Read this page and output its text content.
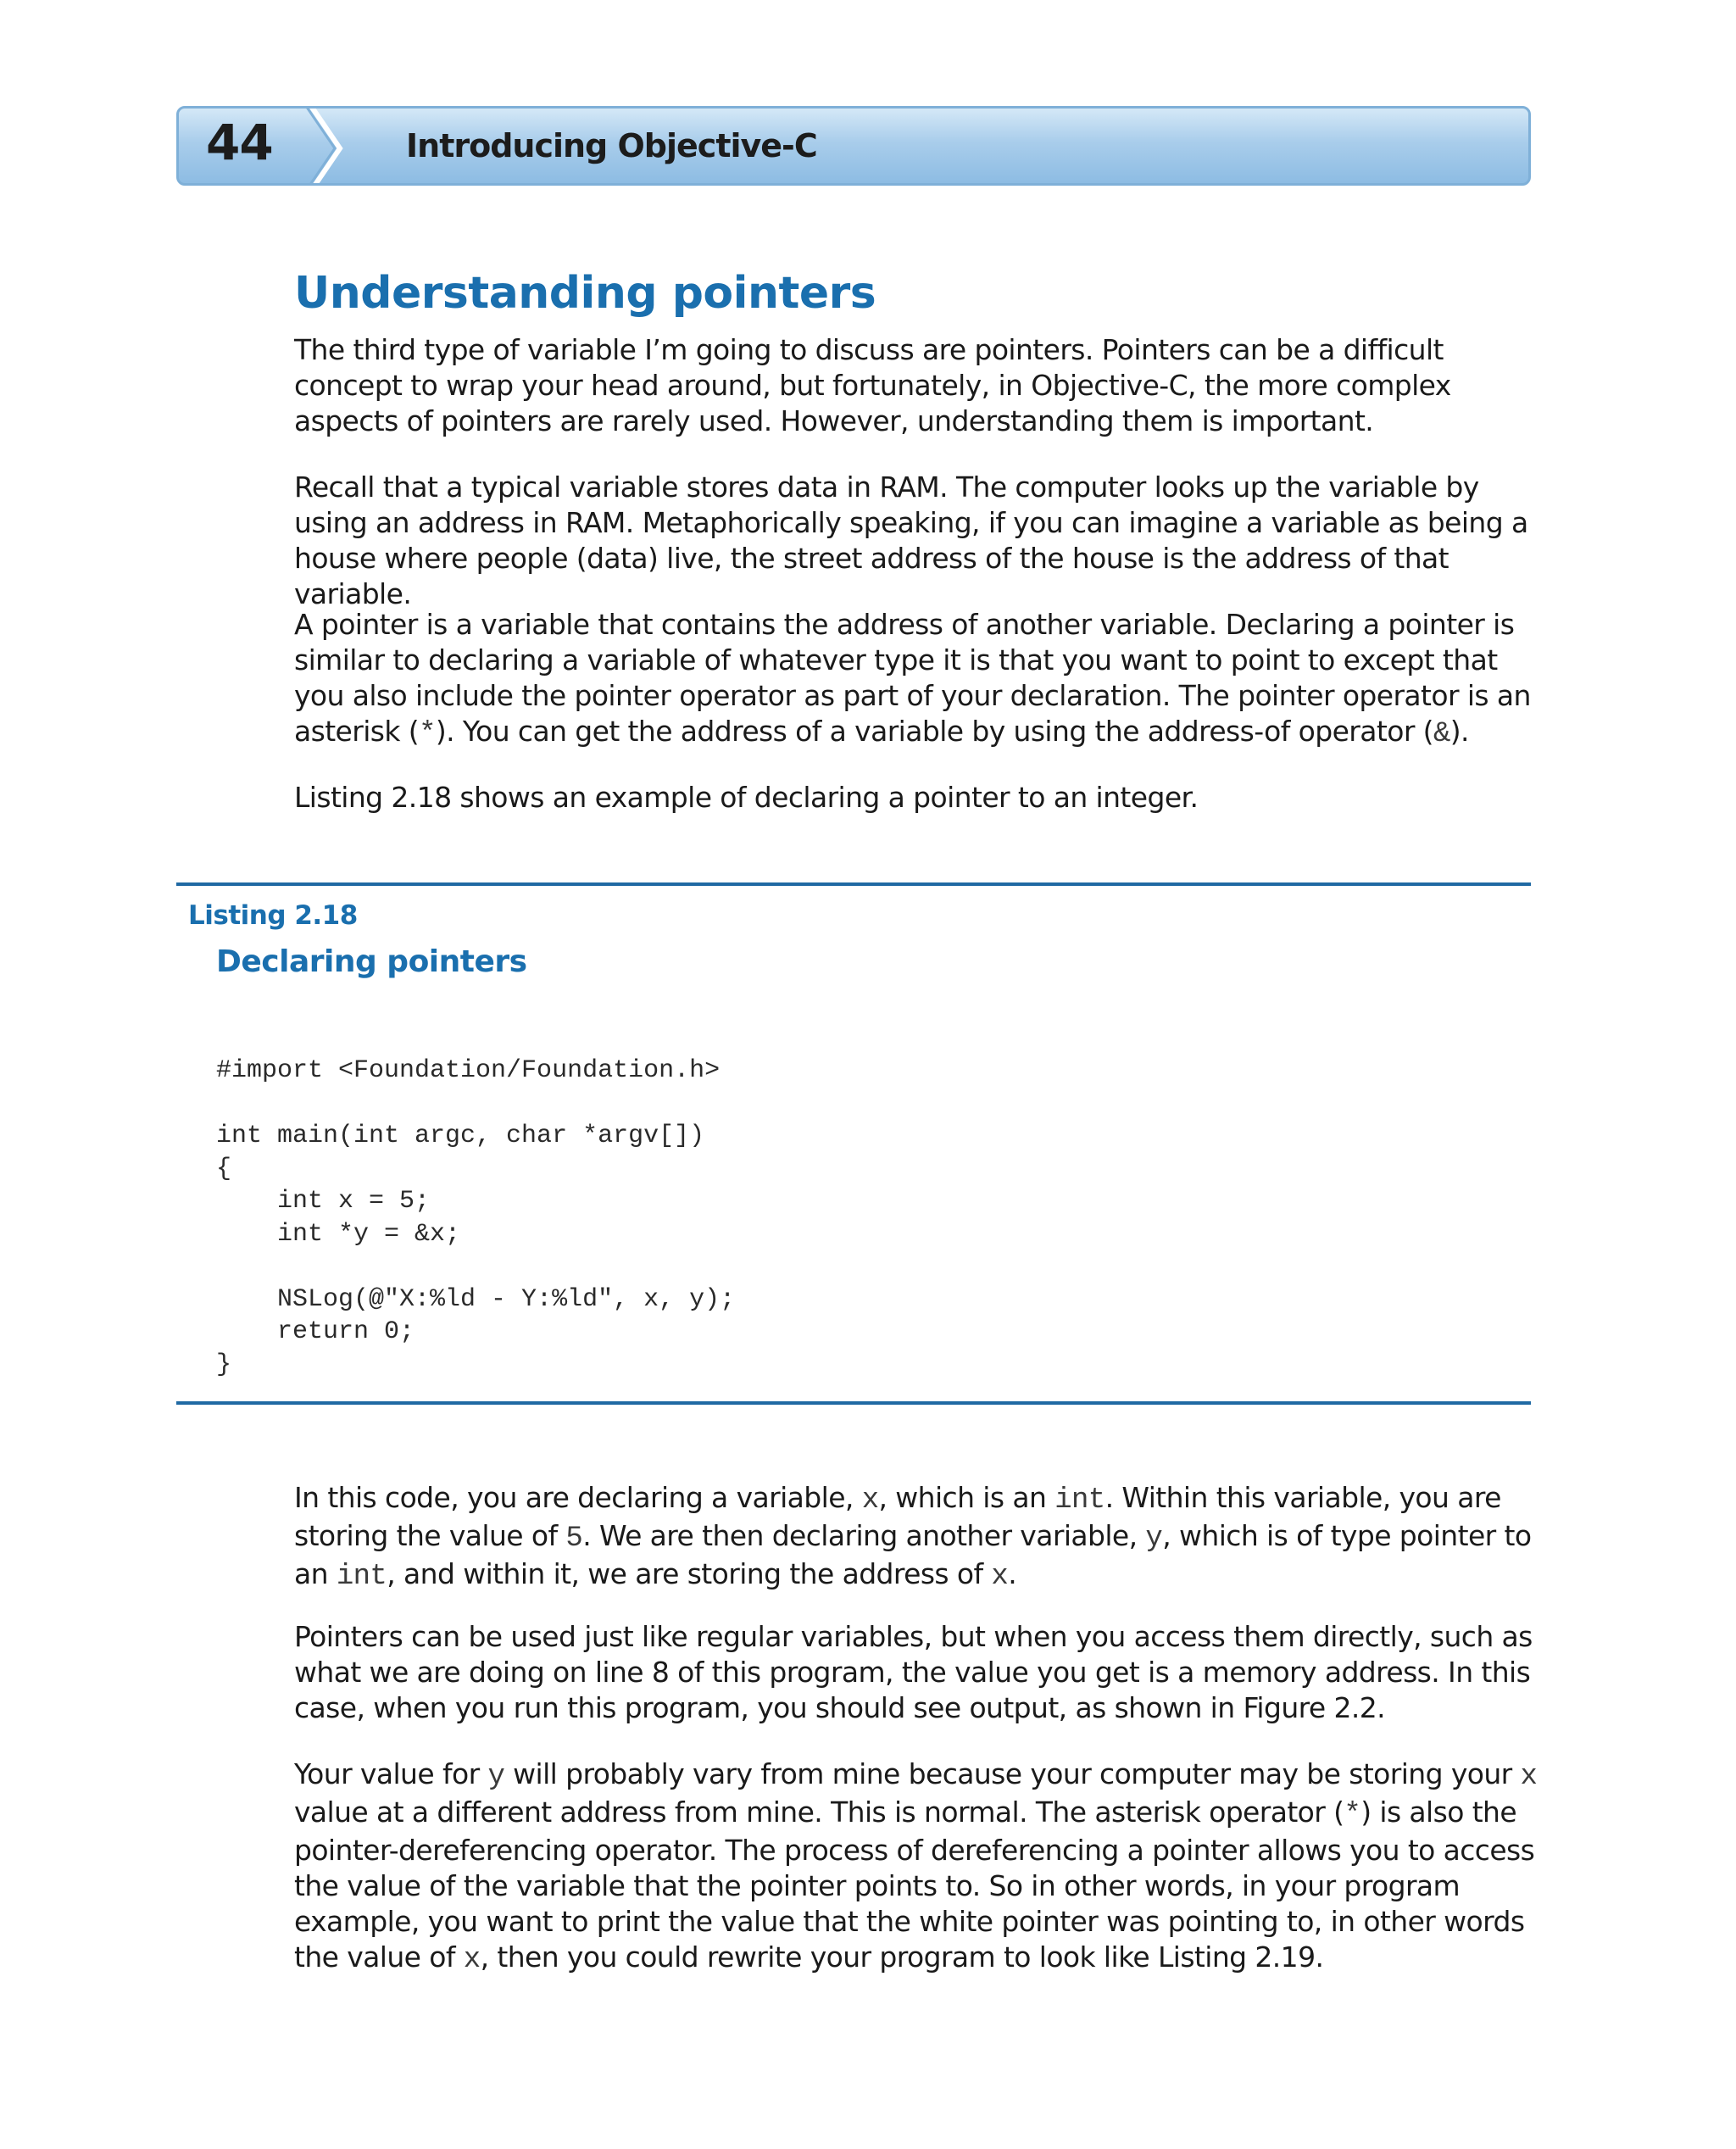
44	Introducing Objective-C
Understanding pointers

The third type of variable I’m going to discuss are pointers. Pointers can be a difficult concept to wrap your head around, but fortunately, in Objective-C, the more complex aspects of pointers are rarely used. However, understanding them is important.

Recall that a typical variable stores data in RAM. The computer looks up the variable by using an address in RAM. Metaphorically speaking, if you can imagine a variable as being a house where people (data) live, the street address of the house is the address of that variable.

A pointer is a variable that contains the address of another variable. Declaring a pointer is similar to declaring a variable of whatever type it is that you want to point to except that you also include the pointer operator as part of your declaration. The pointer operator is an asterisk (*). You can get the address of a variable by using the address-of operator (&).

Listing 2.18 shows an example of declaring a pointer to an integer.

Listing 2.18
Declaring pointers
#import <Foundation/Foundation.h>

int main(int argc, char *argv[])
{
int x = 5;
int *y = &x;

NSLog(@"X:%ld - Y:%ld", x, y);
return 0;
}

In this code, you are declaring a variable, x, which is an int. Within this variable, you are storing the value of 5. We are then declaring another variable, y, which is of type pointer to an int, and within it, we are storing the address of x.

Pointers can be used just like regular variables, but when you access them directly, such as what we are doing on line 8 of this program, the value you get is a memory address. In this case, when you run this program, you should see output, as shown in Figure 2.2.

Your value for y will probably vary from mine because your computer may be storing your x value at a different address from mine. This is normal. The asterisk operator (*) is also the pointer-dereferencing operator. The process of dereferencing a pointer allows you to access the value of the variable that the pointer points to. So in other words, in your program example, you want to print the value that the white pointer was pointing to, in other words the value of x, then you could rewrite your program to look like Listing 2.19.
